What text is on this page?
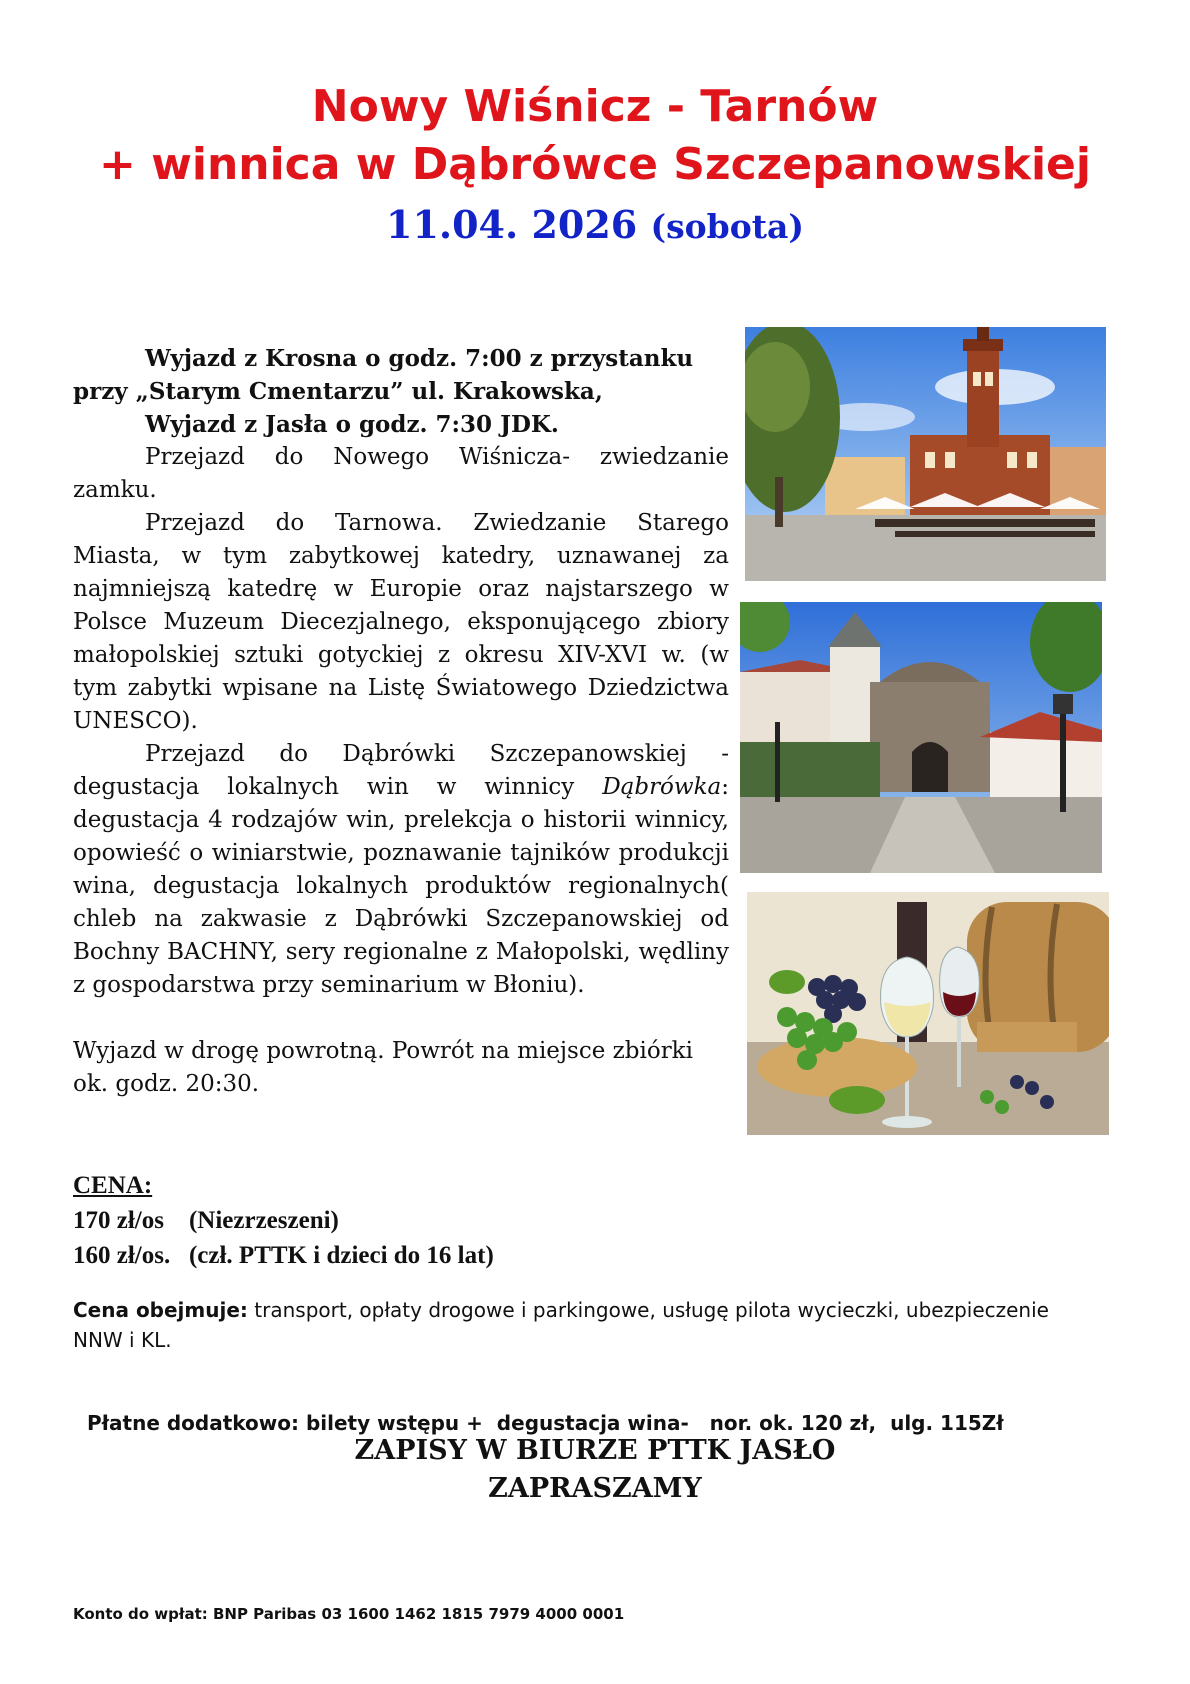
Nowy Wiśnicz - Tarnów
+ winnica w Dąbrówce Szczepanowskiej
11.04. 2026 (sobota)

Wyjazd z Krosna o godz. 7:00 z przystanku

przy „Starym Cmentarzu” ul. Krakowska,

Wyjazd z Jasła o godz. 7:30 JDK.

Przejazd do Nowego Wiśnicza- zwiedzanie zamku.

Przejazd do Tarnowa. Zwiedzanie Starego Miasta, w tym zabytkowej katedry, uznawanej za najmniejszą katedrę w Europie oraz najstarszego w Polsce Muzeum Diecezjalnego, eksponującego zbiory małopolskiej sztuki gotyckiej z okresu XIV-XVI w. (w tym zabytki wpisane na Listę Światowego Dziedzictwa UNESCO).

Przejazd do Dąbrówki Szczepanowskiej - degustacja lokalnych win w winnicy Dąbrówka: degustacja 4 rodzajów win, prelekcja o historii winnicy, opowieść o winiarstwie, poznawanie tajników produkcji wina, degustacja lokalnych produktów regionalnych( chleb na zakwasie z Dąbrówki Szczepanowskiej od Bochny BACHNY, sery regionalne z Małopolski, wędliny z gospodarstwa przy seminarium w Błoniu).

Wyjazd w drogę powrotną. Powrót na miejsce zbiórki ok. godz. 20:30.

CENA:
170 zł/os (Niezrzeszeni)
160 zł/os. (czł. PTTK i dzieci do 16 lat)
Cena obejmuje: transport, opłaty drogowe i parkingowe, usługę pilota wycieczki, ubezpieczenie NNW i KL.

Płatne dodatkowo: bilety wstępu +  degustacja wina-   nor. ok. 120 zł,  ulg. 115Zł

ZAPISY W BIURZE PTTK JASŁO
ZAPRASZAMY
Konto do wpłat: BNP Paribas 03 1600 1462 1815 7979 4000 0001
